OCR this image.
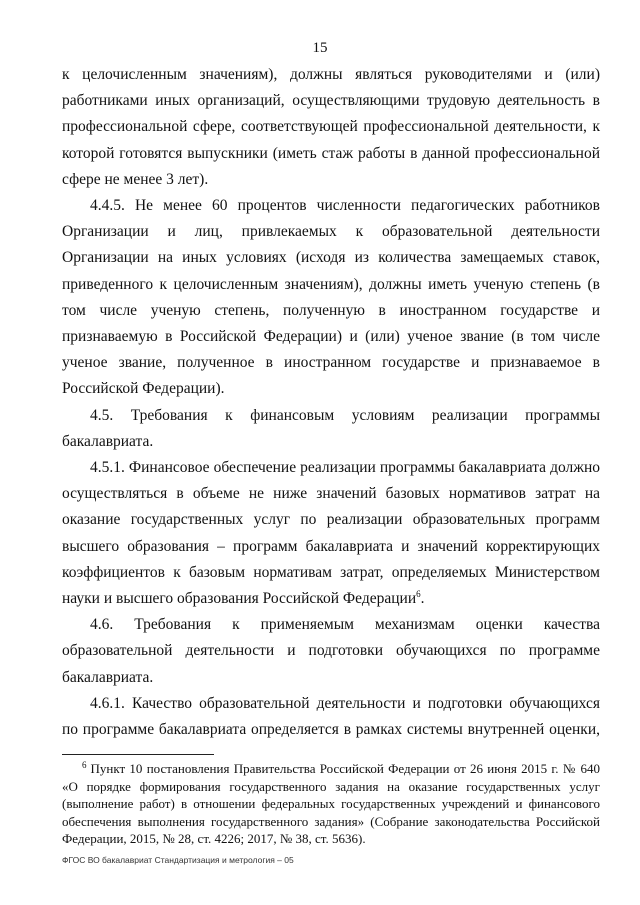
15

к целочисленным значениям), должны являться руководителями и (или) работниками иных организаций, осуществляющими трудовую деятельность в профессиональной сфере, соответствующей профессиональной деятельности, к которой готовятся выпускники (иметь стаж работы в данной профессиональной сфере не менее 3 лет).

4.4.5. Не менее 60 процентов численности педагогических работников Организации и лиц, привлекаемых к образовательной деятельности Организации на иных условиях (исходя из количества замещаемых ставок, приведенного к целочисленным значениям), должны иметь ученую степень (в том числе ученую степень, полученную в иностранном государстве и признаваемую в Российской Федерации) и (или) ученое звание (в том числе ученое звание, полученное в иностранном государстве и признаваемое в Российской Федерации).

4.5. Требования к финансовым условиям реализации программы бакалавриата.

4.5.1. Финансовое обеспечение реализации программы бакалавриата должно осуществляться в объеме не ниже значений базовых нормативов затрат на оказание государственных услуг по реализации образовательных программ высшего образования – программ бакалавриата и значений корректирующих коэффициентов к базовым нормативам затрат, определяемых Министерством науки и высшего образования Российской Федерации$^6$.

4.6. Требования к применяемым механизмам оценки качества образовательной деятельности и подготовки обучающихся по программе бакалавриата.

4.6.1. Качество образовательной деятельности и подготовки обучающихся по программе бакалавриата определяется в рамках системы внутренней оценки,

$^6$ Пункт 10 постановления Правительства Российской Федерации от 26 июня 2015 г. № 640 «О порядке формирования государственного задания на оказание государственных услуг (выполнение работ) в отношении федеральных государственных учреждений и финансового обеспечения выполнения государственного задания» (Собрание законодательства Российской Федерации, 2015, № 28, ст. 4226; 2017, № 38, ст. 5636).
ФГОС ВО бакалавриат Стандартизация и метрология – 05
